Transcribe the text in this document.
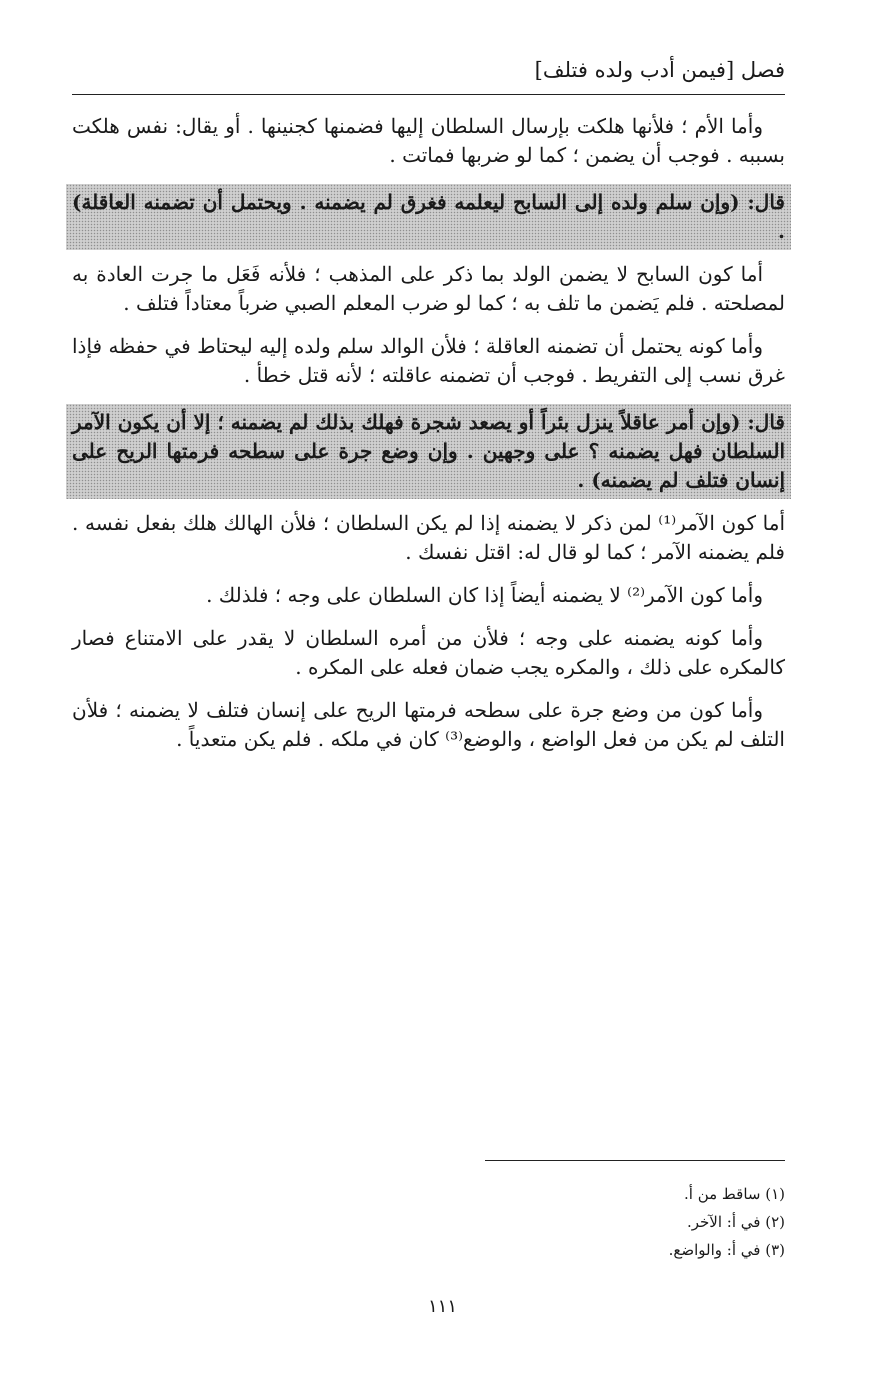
فصل [فيمن أدب ولده فتلف]

وأما الأم ؛ فلأنها هلكت بإرسال السلطان إليها فضمنها كجنينها . أو يقال: نفس هلكت بسببه . فوجب أن يضمن ؛ كما لو ضربها فماتت .

قال: (وإن سلم ولده إلى السابح ليعلمه فغرق لم يضمنه . ويحتمل أن تضمنه العاقلة) .

أما كون السابح لا يضمن الولد بما ذكر على المذهب ؛ فلأنه فَعَل ما جرت العادة به لمصلحته . فلم يَضمن ما تلف به ؛ كما لو ضرب المعلم الصبي ضرباً معتاداً فتلف .

وأما كونه يحتمل أن تضمنه العاقلة ؛ فلأن الوالد سلم ولده إليه ليحتاط في حفظه فإذا غرق نسب إلى التفريط . فوجب أن تضمنه عاقلته ؛ لأنه قتل خطأ .

قال: (وإن أمر عاقلاً ينزل بئراً أو يصعد شجرة فهلك بذلك لم يضمنه ؛ إلا أن يكون الآمر السلطان فهل يضمنه ؟ على وجهين . وإن وضع جرة على سطحه فرمتها الريح على إنسان فتلف لم يضمنه) .

أما كون الآمر⁽¹⁾ لمن ذكر لا يضمنه إذا لم يكن السلطان ؛ فلأن الهالك هلك بفعل نفسه . فلم يضمنه الآمر ؛ كما لو قال له: اقتل نفسك .

وأما كون الآمر⁽²⁾ لا يضمنه أيضاً إذا كان السلطان على وجه ؛ فلذلك .

وأما كونه يضمنه على وجه ؛ فلأن من أمره السلطان لا يقدر على الامتناع فصار كالمكره على ذلك ، والمكره يجب ضمان فعله على المكره .

وأما كون من وضع جرة على سطحه فرمتها الريح على إنسان فتلف لا يضمنه ؛ فلأن التلف لم يكن من فعل الواضع ، والوضع⁽³⁾ كان في ملكه . فلم يكن متعدياً .

(١) ساقط من أ.

(٢) في أ: الآخر.

(٣) في أ: والواضع.

١١١
